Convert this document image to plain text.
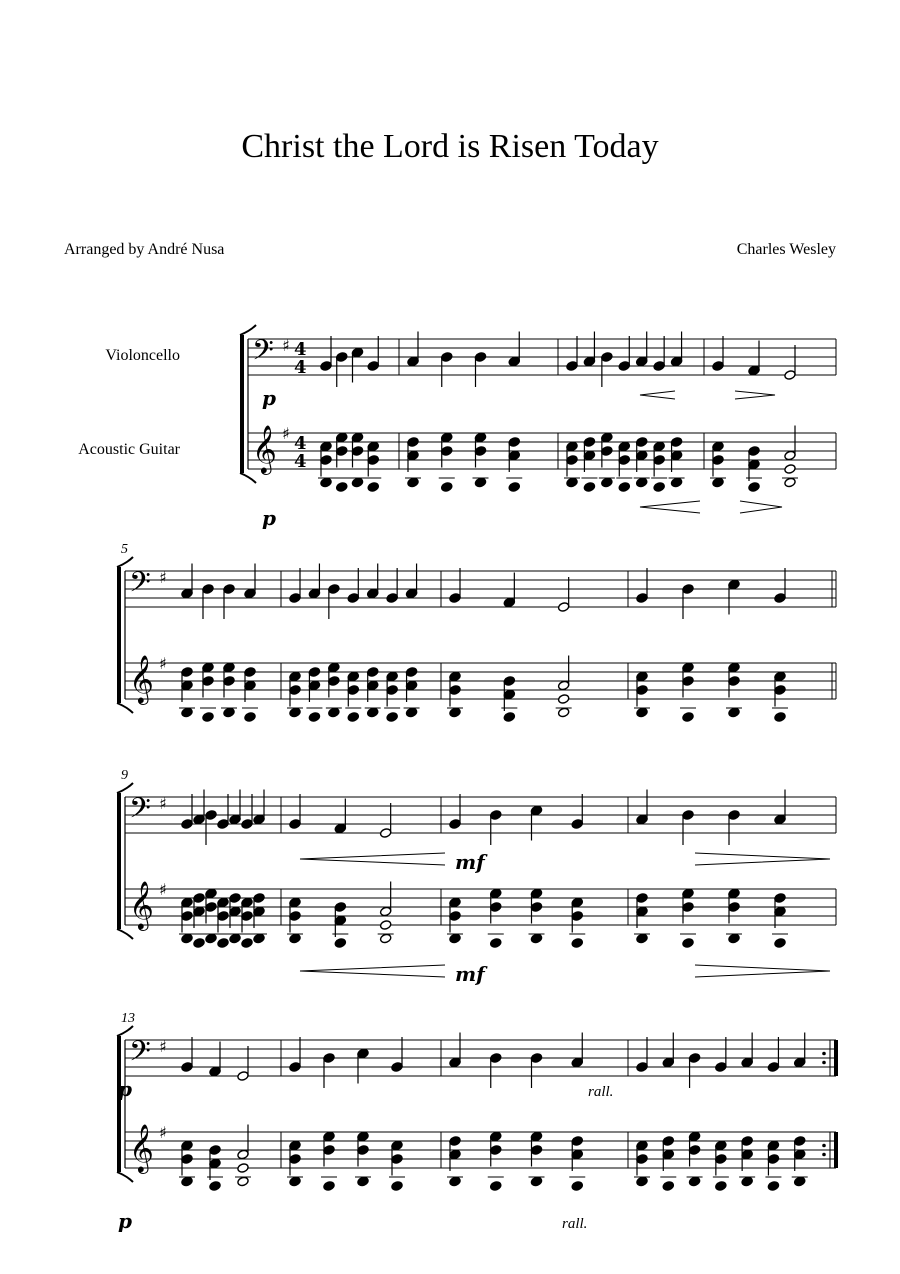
Christ the Lord is Risen Today
Arranged by André Nusa	Charles Wesley
Violoncello
Acoustic Guitar
𝄢
𝄞
♯
♯
4
4
4
4
p
p
𝄢
𝄞
♯
♯
5
𝄢
𝄞
♯
♯
9
mf
mf
𝄢
𝄞
♯
♯
13
p
p
rall.
rall.
